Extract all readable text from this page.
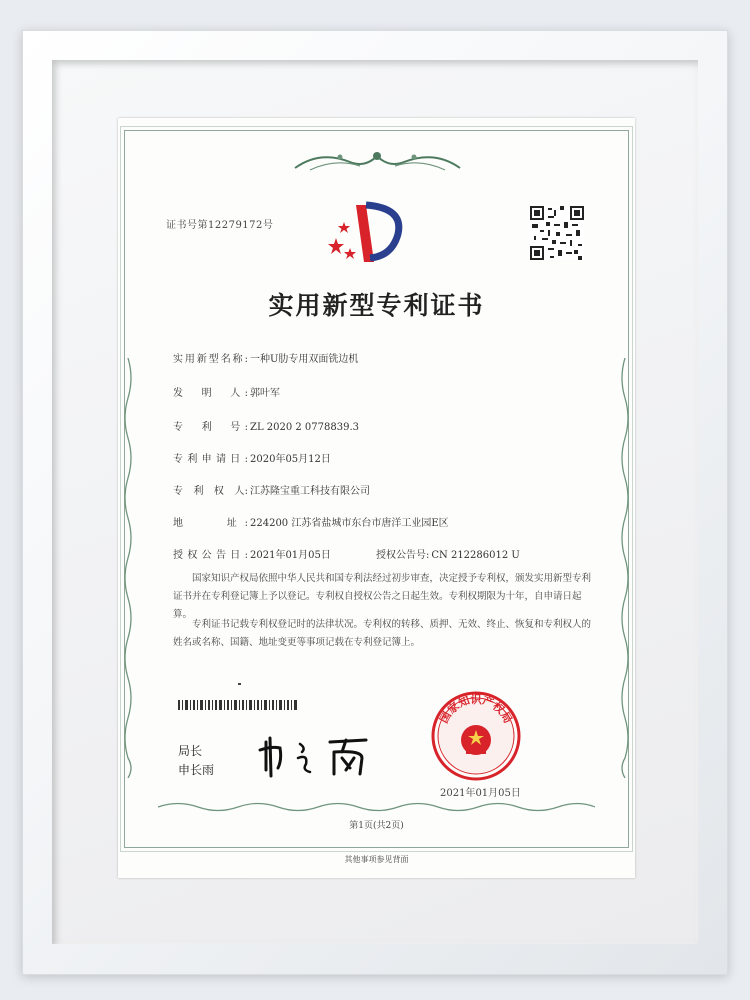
证书号第12279172号
实用新型专利证书
实用新型名称: 一种U肋专用双面铣边机
发　明　人: 郭叶军
专　利　号: ZL 2020 2 0778839.3
专利申请日: 2020年05月12日
专　利　权　人: 江苏隆宝重工科技有限公司
地　　址: 224200 江苏省盐城市东台市唐洋工业园E区
授权公告日: 2021年01月05日	授权公告号: CN 212286012 U
国家知识产权局依照中华人民共和国专利法经过初步审查，决定授予专利权，颁发实用新型专利证书并在专利登记簿上予以登记。专利权自授权公告之日起生效。专利权期限为十年，自申请日起算。
专利证书记载专利权登记时的法律状况。专利权的转移、质押、无效、终止、恢复和专利权人的姓名或名称、国籍、地址变更等事项记载在专利登记簿上。
局长
申长雨
国家知识产权局
2021年01月05日
第1页(共2页)
其他事项参见背面
